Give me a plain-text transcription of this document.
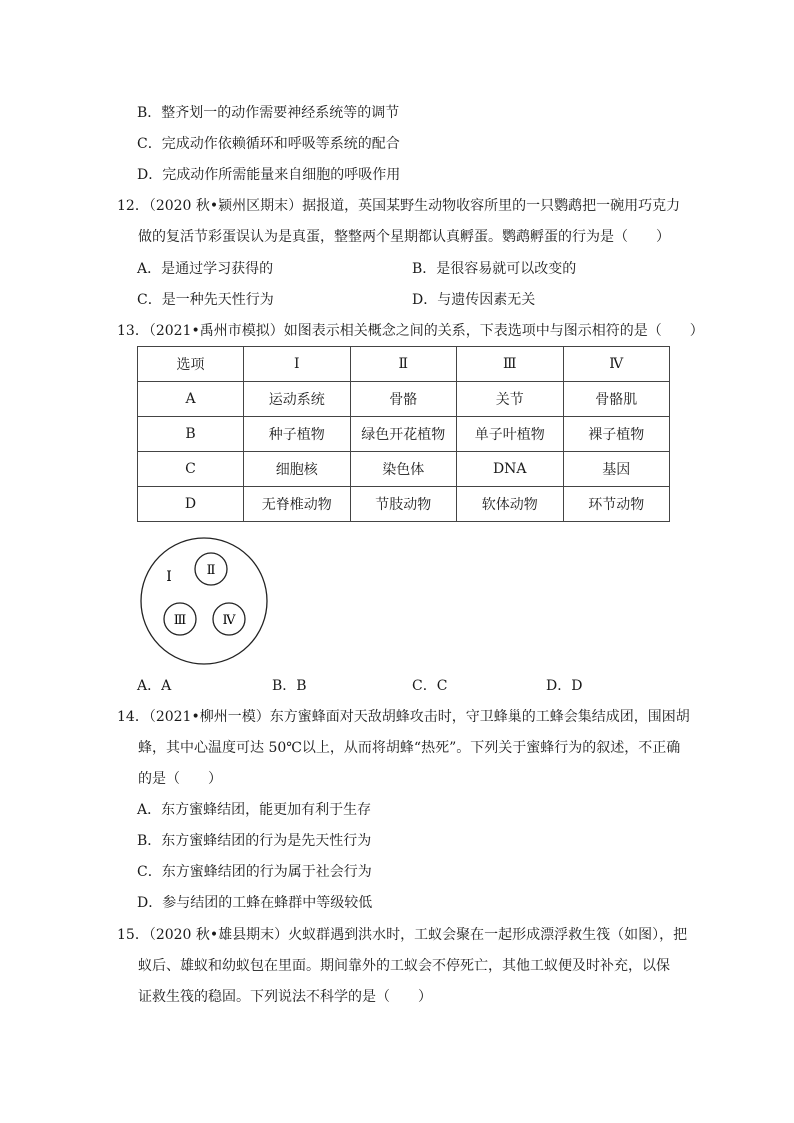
B．整齐划一的动作需要神经系统等的调节
C．完成动作依赖循环和呼吸等系统的配合
D．完成动作所需能量来自细胞的呼吸作用
12．（2020 秋•颍州区期末）据报道，英国某野生动物收容所里的一只鹦鹉把一碗用巧克力
做的复活节彩蛋误认为是真蛋，整整两个星期都认真孵蛋。鹦鹉孵蛋的行为是（　　）
A．是通过学习获得的	B．是很容易就可以改变的
C．是一种先天性行为	D．与遗传因素无关
13．（2021•禹州市模拟）如图表示相关概念之间的关系，下表选项中与图示相符的是（　　）
选项	Ⅰ	Ⅱ	Ⅲ	Ⅳ
A	运动系统	骨骼	关节	骨骼肌
B	种子植物	绿色开花植物	单子叶植物	裸子植物
C	细胞核	染色体	DNA	基因
D	无脊椎动物	节肢动物	软体动物	环节动物
Ⅰ	Ⅱ
Ⅲ	Ⅳ
A．A	B．B	C．C	D．D
14．（2021•柳州一模）东方蜜蜂面对天敌胡蜂攻击时，守卫蜂巢的工蜂会集结成团，围困胡
蜂，其中心温度可达 50℃以上，从而将胡蜂“热死”。下列关于蜜蜂行为的叙述，不正确
的是（　　）
A．东方蜜蜂结团，能更加有利于生存
B．东方蜜蜂结团的行为是先天性行为
C．东方蜜蜂结团的行为属于社会行为
D．参与结团的工蜂在蜂群中等级较低
15．（2020 秋•雄县期末）火蚁群遇到洪水时，工蚁会聚在一起形成漂浮救生筏（如图），把
蚁后、雄蚁和幼蚁包在里面。期间靠外的工蚁会不停死亡，其他工蚁便及时补充，以保
证救生筏的稳固。下列说法不科学的是（　　）
